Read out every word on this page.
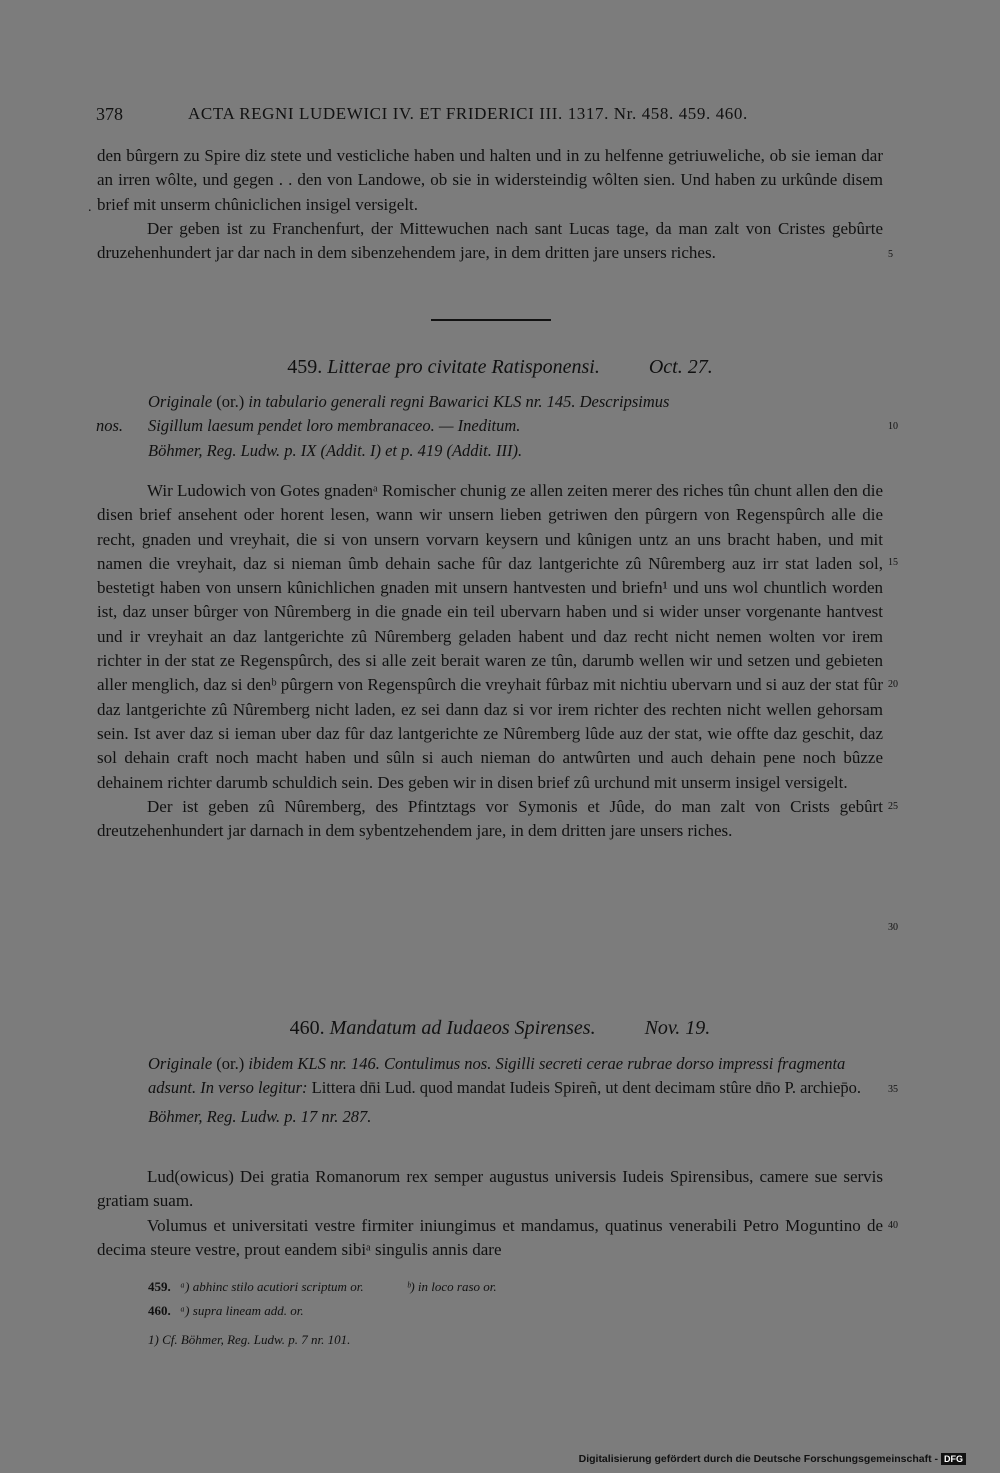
378	ACTA REGNI LUDEWICI IV. ET FRIDERICI III. 1317. Nr. 458. 459. 460.

den bûrgern zu Spire diz stete und vesticliche haben und halten und in zu helfenne getriuweliche, ob sie ieman dar an irren wôlte, und gegen . . den von Landowe, ob sie in widersteindig wôlten sien. Und haben zu urkûnde disem brief mit unserm chûniclichen insigel versigelt.

Der geben ist zu Franchenfurt, der Mittewuchen nach sant Lucas tage, da man zalt von Cristes gebûrte druzehenhundert jar dar nach in dem sibenzehendem jare, in dem dritten jare unsers riches.

.
459. Litterae pro civitate Ratisponensi. Oct. 27.

Originale (or.) in tabulario generali regni Bawarici KLS nr. 145. Descripsimus

nos. Sigillum laesum pendet loro membranaceo. — Ineditum.

Böhmer, Reg. Ludw. p. IX (Addit. I) et p. 419 (Addit. III).

Wir Ludowich von Gotes gnadenᵃ Romischer chunig ze allen zeiten merer des riches tûn chunt allen den die disen brief ansehent oder horent lesen, wann wir unsern lieben getriwen den pûrgern von Regenspûrch alle die recht, gnaden und vreyhait, die si von unsern vorvarn keysern und kûnigen untz an uns bracht haben, und mit namen die vreyhait, daz si nieman ûmb dehain sache fûr daz lantgerichte zû Nûremberg auz irr stat laden sol, bestetigt haben von unsern kûnichlichen gnaden mit unsern hantvesten und briefn¹ und uns wol chuntlich worden ist, daz unser bûrger von Nûremberg in die gnade ein teil ubervarn haben und si wider unser vorgenante hantvest und ir vreyhait an daz lantgerichte zû Nûremberg geladen habent und daz recht nicht nemen wolten vor irem richter in der stat ze Regenspûrch, des si alle zeit berait waren ze tûn, darumb wellen wir und setzen und gebieten aller menglich, daz si denᵇ pûrgern von Regenspûrch die vreyhait fûrbaz mit nichtiu ubervarn und si auz der stat fûr daz lantgerichte zû Nûremberg nicht laden, ez sei dann daz si vor irem richter des rechten nicht wellen gehorsam sein. Ist aver daz si ieman uber daz fûr daz lantgerichte ze Nûremberg lûde auz der stat, wie offte daz geschit, daz sol dehain craft noch macht haben und sûln si auch nieman do antwûrten und auch dehain pene noch bûzze dehainem richter darumb schuldich sein. Des geben wir in disen brief zû urchund mit unserm insigel versigelt.

Der ist geben zû Nûremberg, des Pfintztags vor Symonis et Jûde, do man zalt von Crists gebûrt dreutzehenhundert jar darnach in dem sybentzehendem jare, in dem dritten jare unsers riches.

460. Mandatum ad Iudaeos Spirenses. Nov. 19.

Originale (or.) ibidem KLS nr. 146. Contulimus nos. Sigilli secreti cerae rubrae dorso impressi fragmenta adsunt. In verso legitur: Littera dn̄i Lud. quod mandat Iudeis Spireñ, ut dent decimam stûre dn̄o P. archiep̄o.

Böhmer, Reg. Ludw. p. 17 nr. 287.

Lud(owicus) Dei gratia Romanorum rex semper augustus universis Iudeis Spirensibus, camere sue servis gratiam suam.

Volumus et universitati vestre firmiter iniungimus et mandamus, quatinus venerabili Petro Moguntino de decima steure vestre, prout eandem sibiᵃ singulis annis dare

459. ᵃ) abhinc stilo acutiori scriptum or.	ᵇ) in loco raso or.
460. ᵃ) supra lineam add. or.
1) Cf. Böhmer, Reg. Ludw. p. 7 nr. 101.
5
10
15
20
25
30
35
40
Digitalisierung gefördert durch die Deutsche Forschungsgemeinschaft - DFG
